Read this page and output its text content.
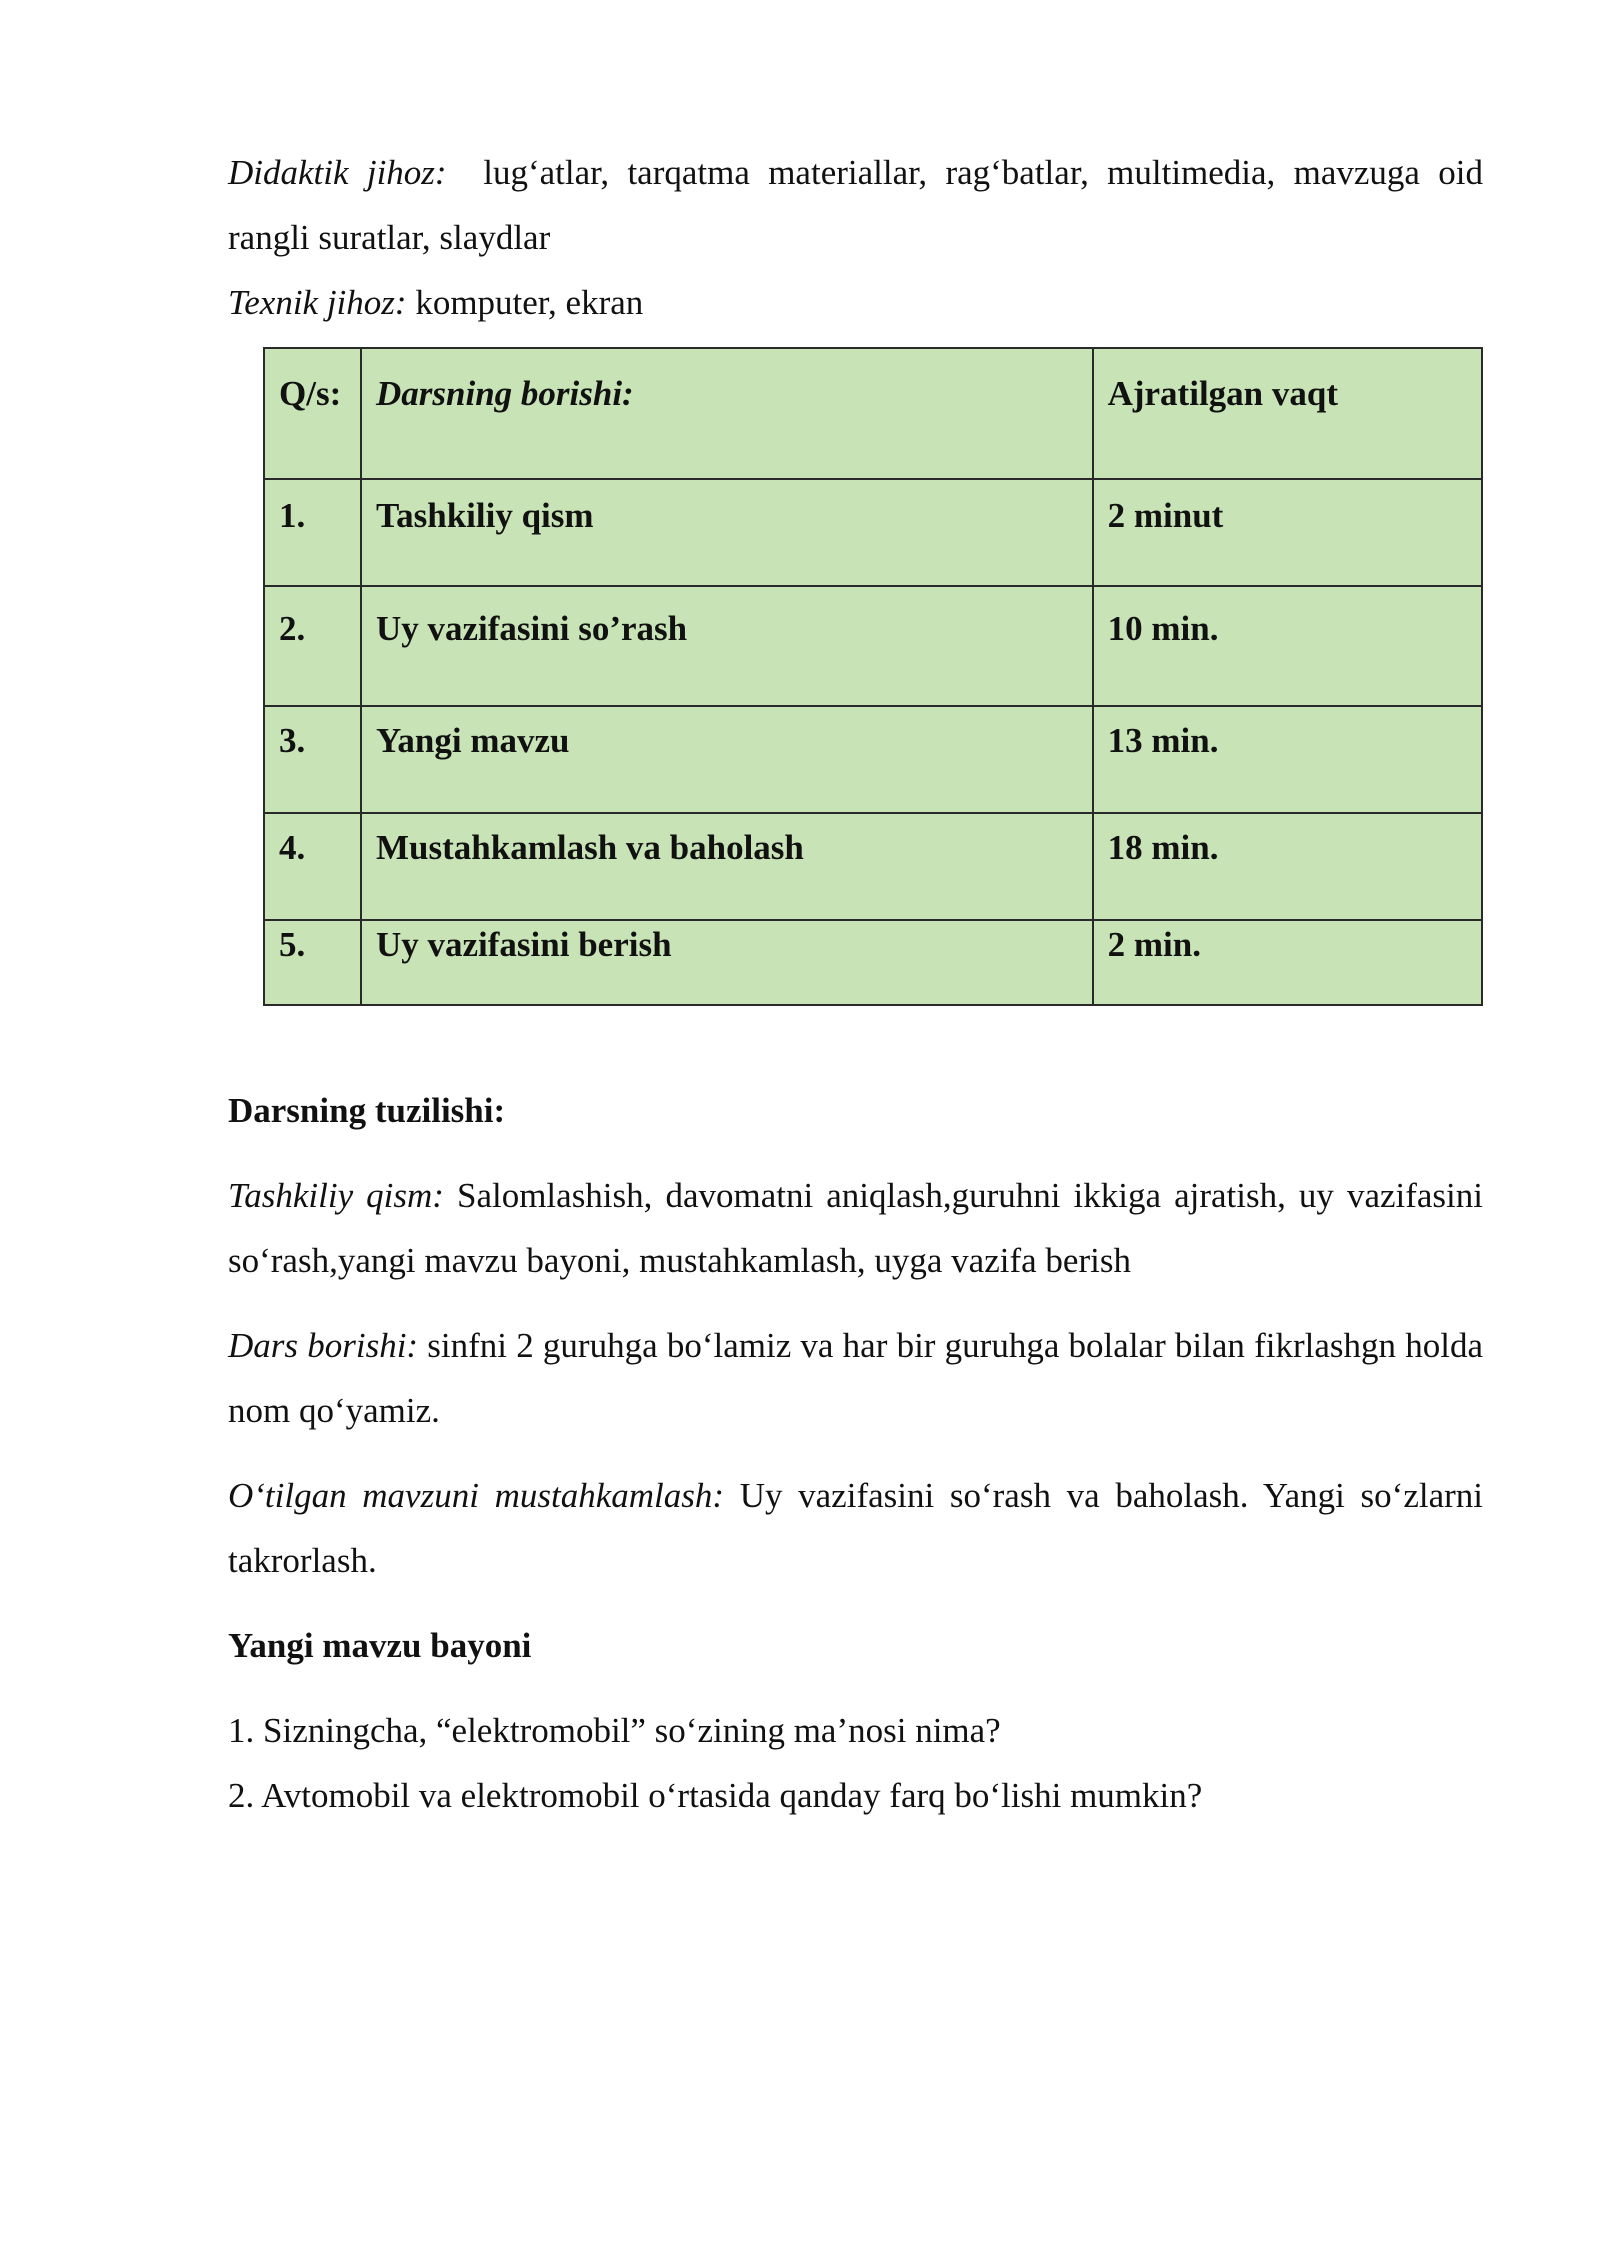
Didaktik jihoz: lug‘atlar, tarqatma materiallar, rag‘batlar, multimedia, mavzuga oid rangli suratlar, slaydlar

Texnik jihoz: komputer, ekran

Q/s:	Darsning borishi:	Ajratilgan vaqt
1.	Tashkiliy qism	2 minut
2.	Uy vazifasini so’rash	10 min.
3.	Yangi mavzu	13 min.
4.	Mustahkamlash va baholash	18 min.
5.	Uy vazifasini berish	2 min.

Darsning tuzilishi:

Tashkiliy qism: Salomlashish, davomatni aniqlash,guruhni ikkiga ajratish, uy vazifasini so‘rash,yangi mavzu bayoni, mustahkamlash, uyga vazifa berish

Dars borishi: sinfni 2 guruhga bo‘lamiz va har bir guruhga bolalar bilan fikrlashgn holda nom qo‘yamiz.

O‘tilgan mavzuni mustahkamlash: Uy vazifasini so‘rash va baholash. Yangi so‘zlarni takrorlash.

Yangi mavzu bayoni

1. Sizningcha, “elektromobil” so‘zining ma’nosi nima?

2. Avtomobil va elektromobil o‘rtasida qanday farq bo‘lishi mumkin?
